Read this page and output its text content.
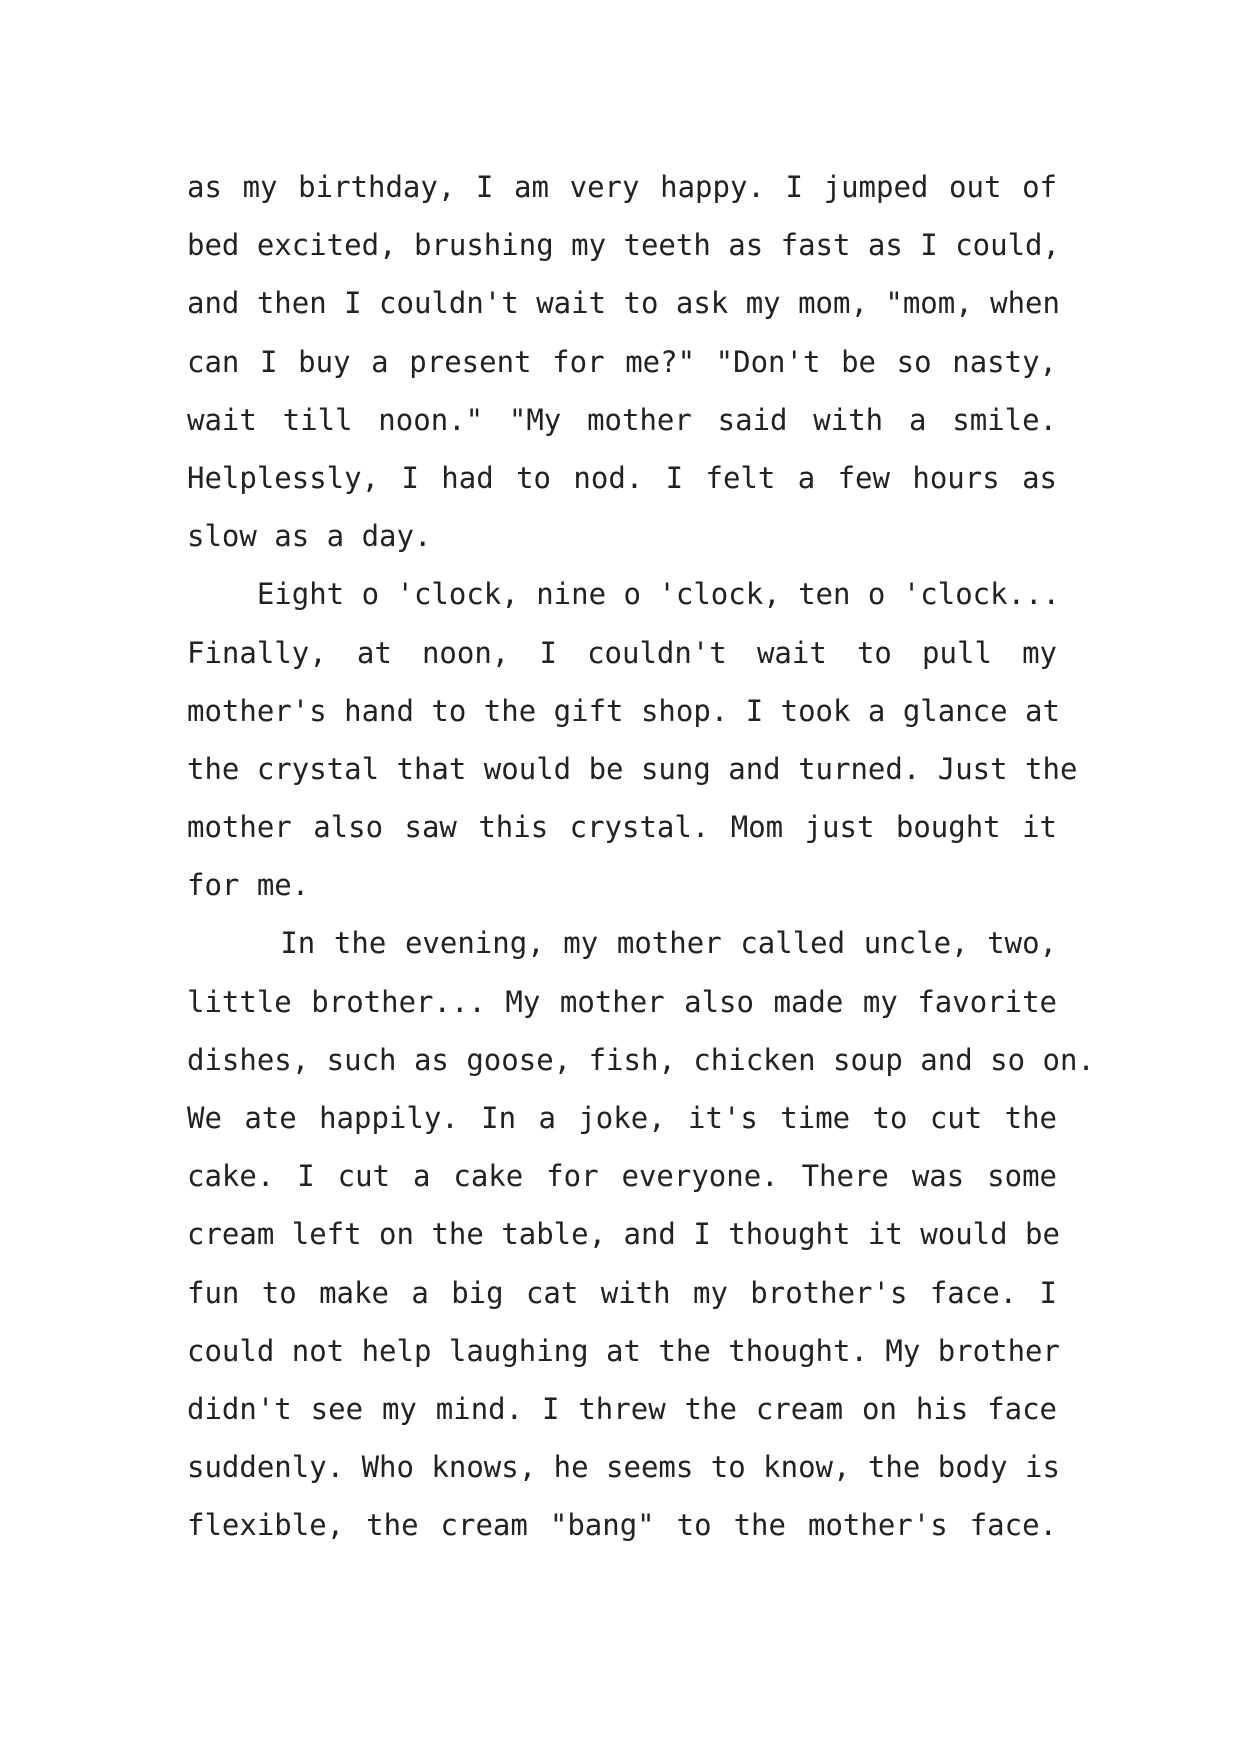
as my birthday, I am very happy. I jumped out of
bed excited, brushing my teeth as fast as I could,
and then I couldn't wait to ask my mom, "mom, when
can I buy a present for me?" "Don't be so nasty,
wait till noon." "My mother said with a smile.
Helplessly, I had to nod. I felt a few hours as
slow as a day.
Eight o 'clock, nine o 'clock, ten o 'clock...
Finally, at noon, I couldn't wait to pull my
mother's hand to the gift shop. I took a glance at
the crystal that would be sung and turned. Just the
mother also saw this crystal. Mom just bought it
for me.
In the evening, my mother called uncle, two,
little brother... My mother also made my favorite
dishes, such as goose, fish, chicken soup and so on.
We ate happily. In a joke, it's time to cut the
cake. I cut a cake for everyone. There was some
cream left on the table, and I thought it would be
fun to make a big cat with my brother's face. I
could not help laughing at the thought. My brother
didn't see my mind. I threw the cream on his face
suddenly. Who knows, he seems to know, the body is
flexible, the cream "bang" to the mother's face.
